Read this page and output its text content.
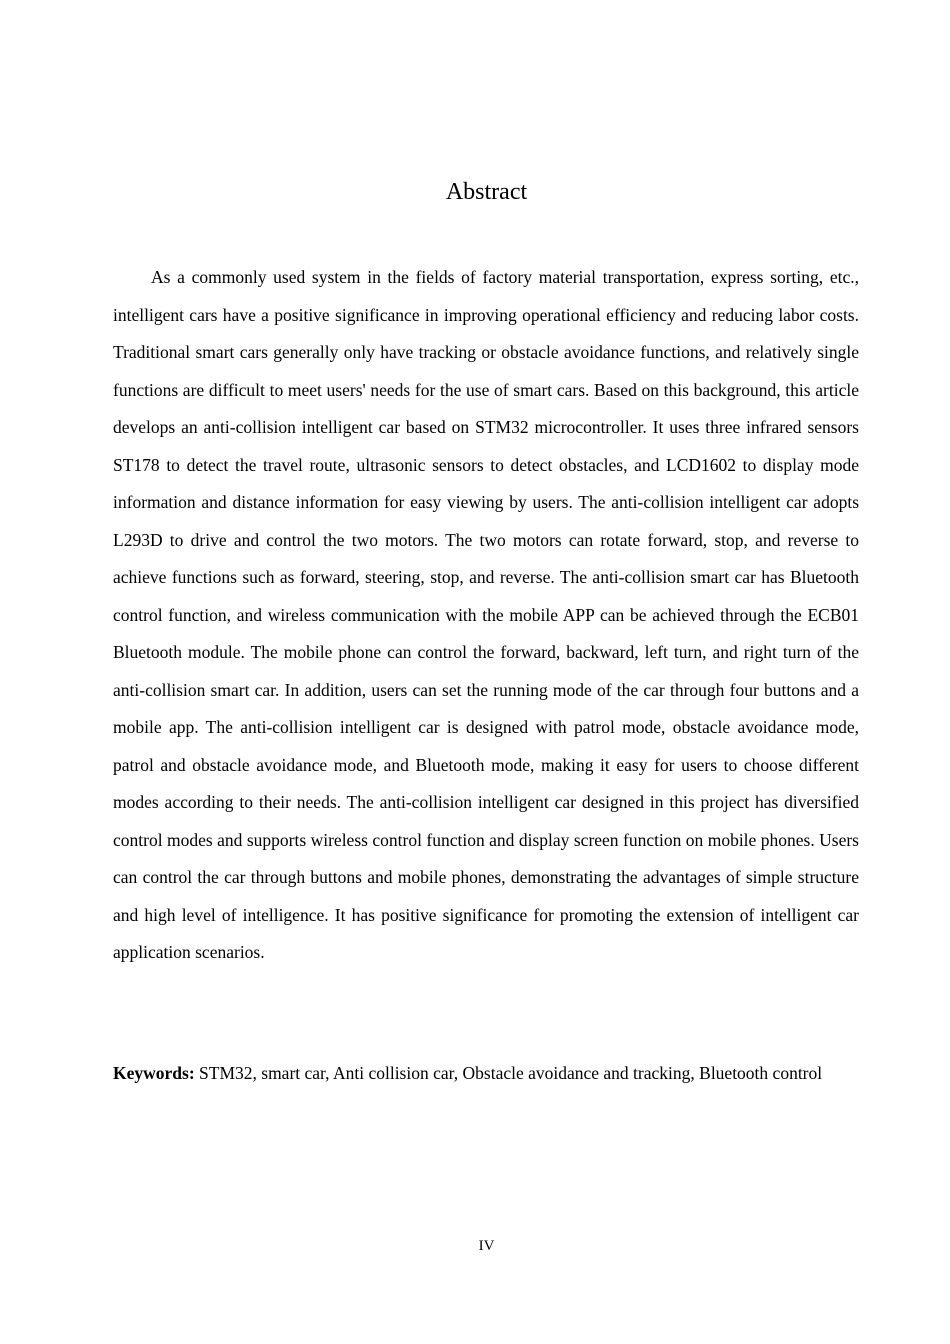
Abstract

As a commonly used system in the fields of factory material transportation, express sorting, etc., intelligent cars have a positive significance in improving operational efficiency and reducing labor costs. Traditional smart cars generally only have tracking or obstacle avoidance functions, and relatively single functions are difficult to meet users' needs for the use of smart cars. Based on this background, this article develops an anti-collision intelligent car based on STM32 microcontroller. It uses three infrared sensors ST178 to detect the travel route, ultrasonic sensors to detect obstacles, and LCD1602 to display mode information and distance information for easy viewing by users. The anti-collision intelligent car adopts L293D to drive and control the two motors. The two motors can rotate forward, stop, and reverse to achieve functions such as forward, steering, stop, and reverse. The anti-collision smart car has Bluetooth control function, and wireless communication with the mobile APP can be achieved through the ECB01 Bluetooth module. The mobile phone can control the forward, backward, left turn, and right turn of the anti-collision smart car. In addition, users can set the running mode of the car through four buttons and a mobile app. The anti-collision intelligent car is designed with patrol mode, obstacle avoidance mode, patrol and obstacle avoidance mode, and Bluetooth mode, making it easy for users to choose different modes according to their needs. The anti-collision intelligent car designed in this project has diversified control modes and supports wireless control function and display screen function on mobile phones. Users can control the car through buttons and mobile phones, demonstrating the advantages of simple structure and high level of intelligence. It has positive significance for promoting the extension of intelligent car application scenarios.

Keywords: STM32, smart car, Anti collision car, Obstacle avoidance and tracking, Bluetooth control

IV
